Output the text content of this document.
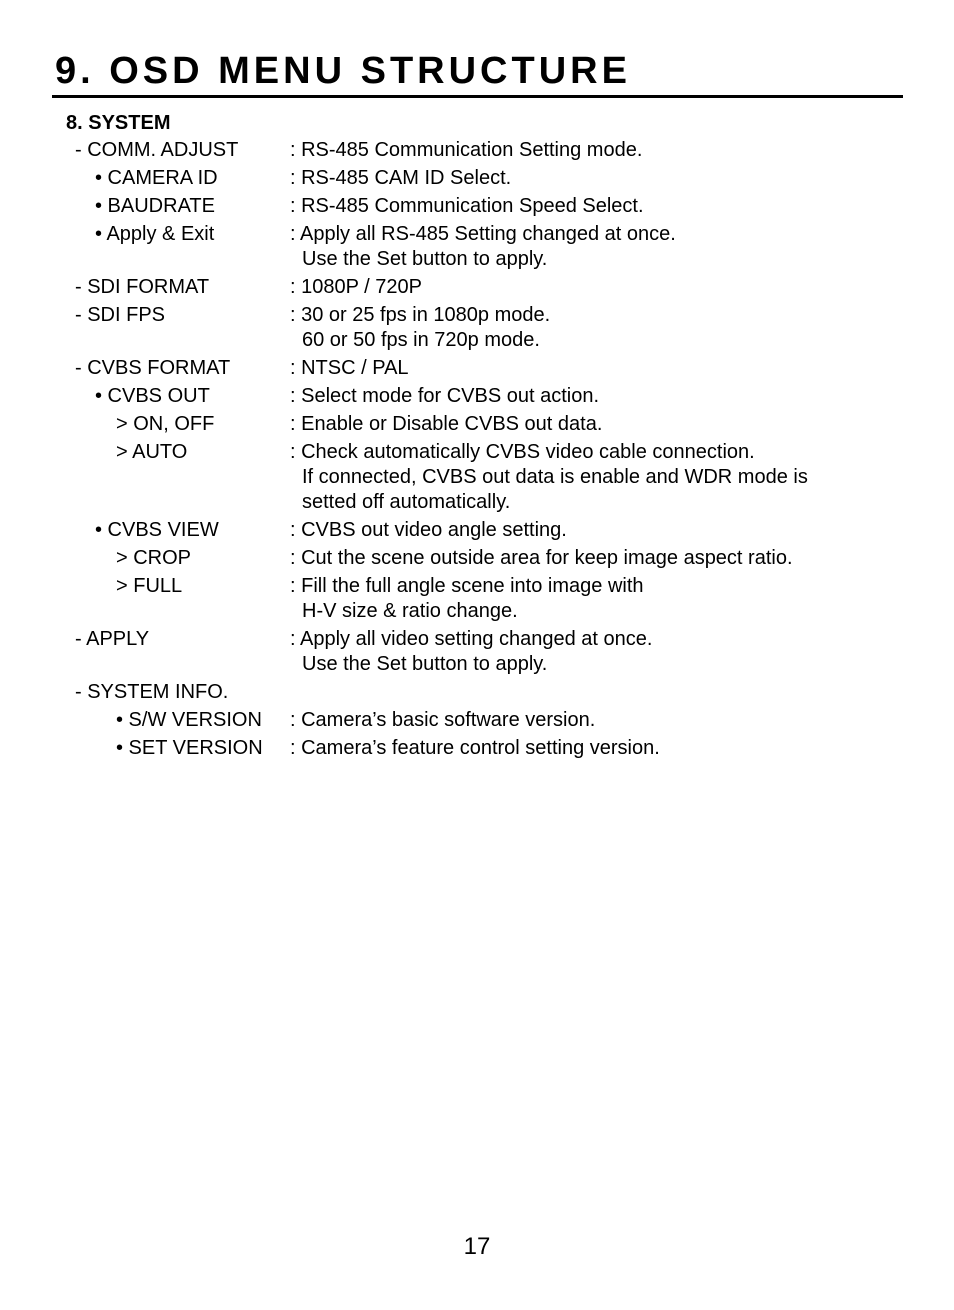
9. OSD MENU STRUCTURE
8. SYSTEM
- COMM. ADJUST	: RS-485 Communication Setting mode.
• CAMERA ID	: RS-485 CAM ID Select.
• BAUDRATE	: RS-485 Communication Speed Select.
• Apply & Exit	: Apply all RS-485 Setting changed at once.
Use the Set button to apply.
- SDI FORMAT	: 1080P / 720P
- SDI FPS	: 30 or 25 fps in 1080p mode.
60 or 50 fps in 720p mode.
- CVBS FORMAT	: NTSC / PAL
• CVBS OUT	: Select mode for CVBS out action.
> ON, OFF	: Enable or Disable CVBS out data.
> AUTO	: Check automatically CVBS video cable connection.
If connected, CVBS out data is enable and WDR mode is
setted off automatically.
• CVBS VIEW	: CVBS out video angle setting.
> CROP	: Cut the scene outside area for keep image aspect ratio.
> FULL	: Fill the full angle scene into image with
H-V size & ratio change.
- APPLY	: Apply all video setting changed at once.
Use the Set button to apply.
- SYSTEM INFO.
• S/W VERSION	: Camera’s basic software version.
• SET VERSION	: Camera’s feature control setting version.
17
